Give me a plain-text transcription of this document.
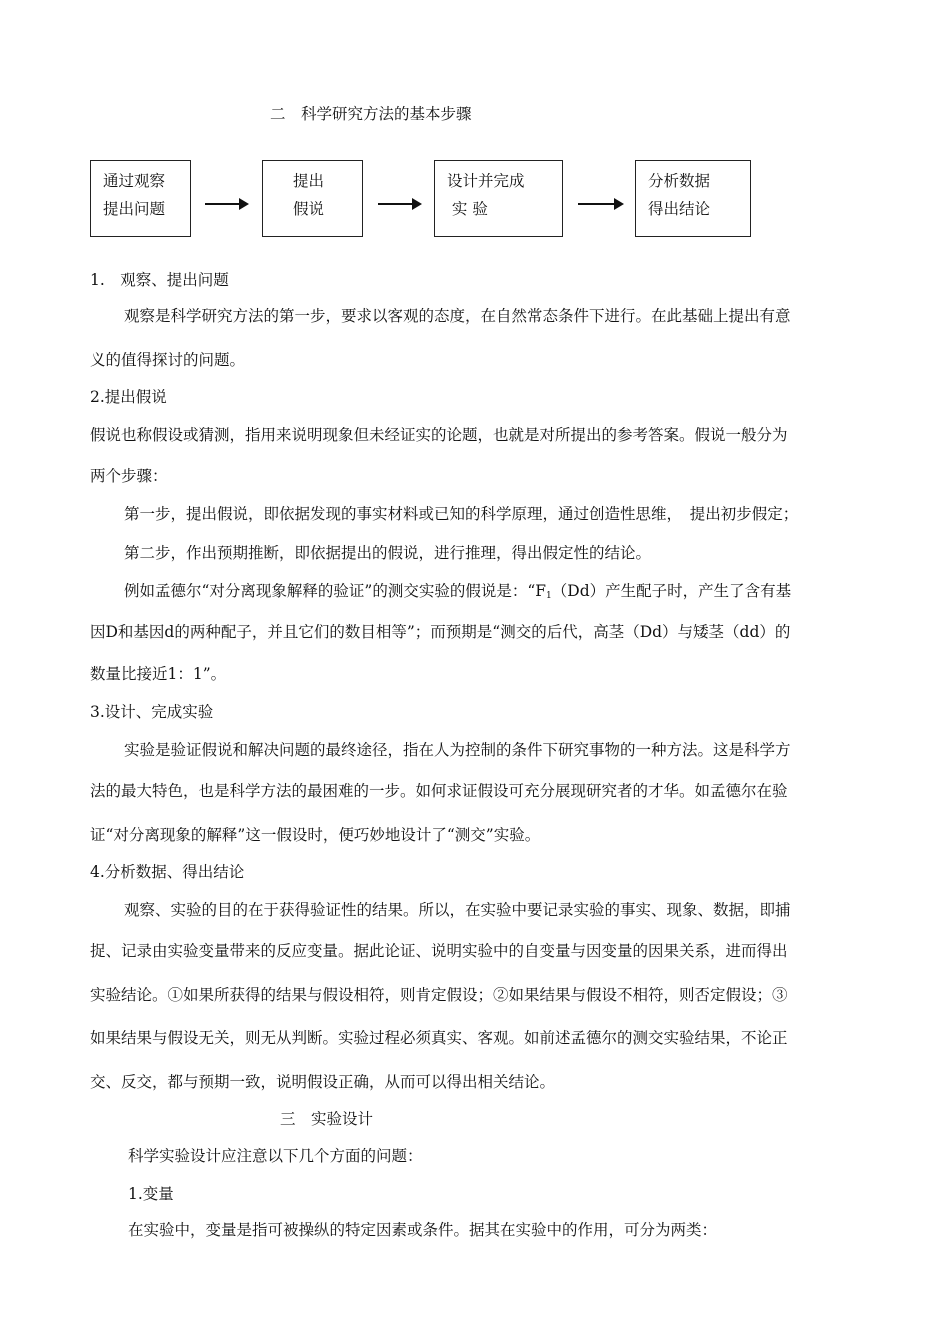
二　科学研究方法的基本步骤
通过观察
提出问题
提出
假说
设计并完成
实 验
分析数据
得出结论
1.　观察、提出问题
观察是科学研究方法的第一步，要求以客观的态度，在自然常态条件下进行。在此基础上提出有意
义的值得探讨的问题。
2.提出假说
假说也称假设或猜测，指用来说明现象但未经证实的论题，也就是对所提出的参考答案。假说一般分为
两个步骤：
第一步，提出假说，即依据发现的事实材料或已知的科学原理，通过创造性思维，　提出初步假定；
第二步，作出预期推断，即依据提出的假说，进行推理，得出假定性的结论。
例如孟德尔“对分离现象解释的验证”的测交实验的假说是：“$F_1(Dd)$产生配子时，产生了含有基
因D和基因d的两种配子，并且它们的数目相等”；而预期是“测交的后代，高茎（Dd）与矮茎（dd）的
数量比接近1：1”。
3.设计、完成实验
实验是验证假说和解决问题的最终途径，指在人为控制的条件下研究事物的一种方法。这是科学方
法的最大特色，也是科学方法的最困难的一步。如何求证假设可充分展现研究者的才华。如孟德尔在验
证“对分离现象的解释”这一假设时，便巧妙地设计了“测交”实验。
4.分析数据、得出结论
观察、实验的目的在于获得验证性的结果。所以，在实验中要记录实验的事实、现象、数据，即捕
捉、记录由实验变量带来的反应变量。据此论证、说明实验中的自变量与因变量的因果关系，进而得出
实验结论。①如果所获得的结果与假设相符，则肯定假设；②如果结果与假设不相符，则否定假设；③
如果结果与假设无关，则无从判断。实验过程必须真实、客观。如前述孟德尔的测交实验结果，不论正
交、反交，都与预期一致，说明假设正确，从而可以得出相关结论。
三　实验设计
科学实验设计应注意以下几个方面的问题：
1.变量
在实验中，变量是指可被操纵的特定因素或条件。据其在实验中的作用，可分为两类：
